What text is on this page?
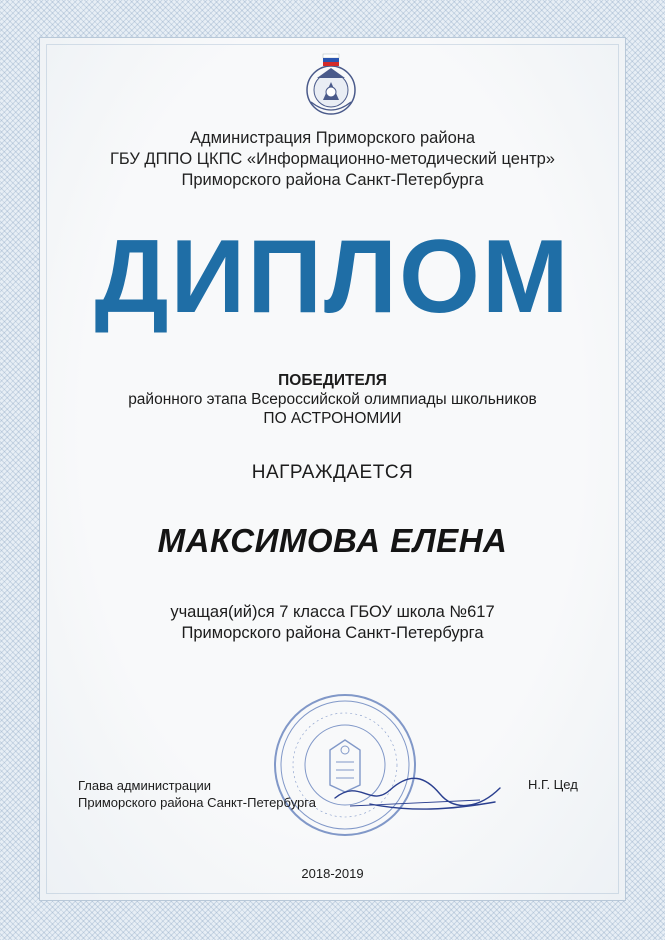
Администрация Приморского района
ГБУ ДППО ЦКПС «Информационно-методический центр»
Приморского района Санкт-Петербурга
ДИПЛОМ
ПОБЕДИТЕЛЯ
районного этапа Всероссийской олимпиады школьников
ПО АСТРОНОМИИ
НАГРАЖДАЕТСЯ
МАКСИМОВА ЕЛЕНА
учащая(ий)ся 7 класса ГБОУ школа №617
Приморского района Санкт-Петербурга
Глава администрации
Приморского района Санкт-Петербурга
Н.Г. Цед
2018-2019
